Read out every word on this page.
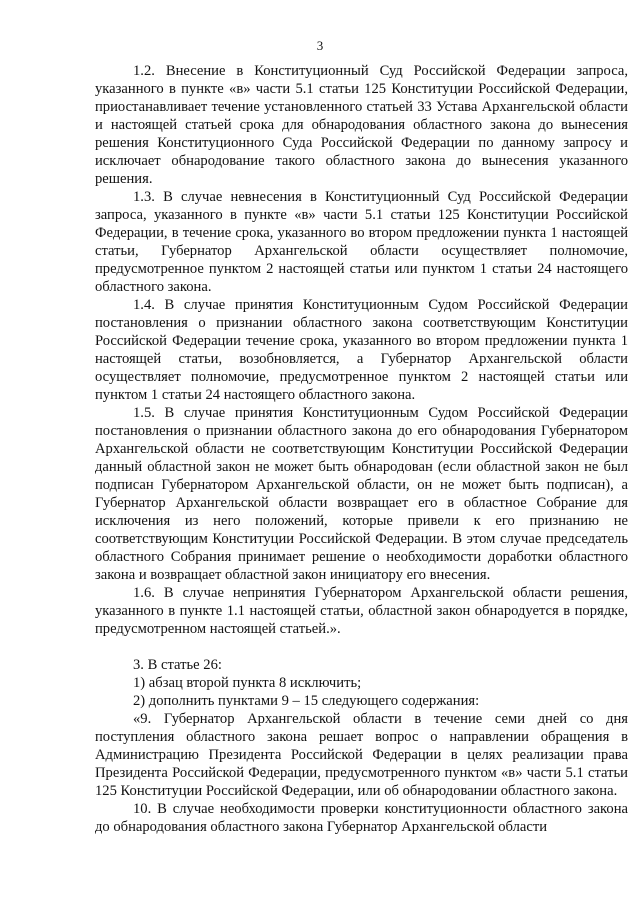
3

1.2. Внесение в Конституционный Суд Российской Федерации запроса, указанного в пункте «в» части 5.1 статьи 125 Конституции Российской Федерации, приостанавливает течение установленного статьей 33 Устава Архангельской области и настоящей статьей срока для обнародования областного закона до вынесения решения Конституционного Суда Российской Федерации по данному запросу и исключает обнародование такого областного закона до вынесения указанного решения.

1.3. В случае невнесения в Конституционный Суд Российской Федерации запроса, указанного в пункте «в» части 5.1 статьи 125 Конституции Российской Федерации, в течение срока, указанного во втором предложении пункта 1 настоящей статьи, Губернатор Архангельской области осуществляет полномочие, предусмотренное пунктом 2 настоящей статьи или пунктом 1 статьи 24 настоящего областного закона.

1.4. В случае принятия Конституционным Судом Российской Федерации постановления о признании областного закона соответствующим Конституции Российской Федерации течение срока, указанного во втором предложении пункта 1 настоящей статьи, возобновляется, а Губернатор Архангельской области осуществляет полномочие, предусмотренное пунктом 2 настоящей статьи или пунктом 1 статьи 24 настоящего областного закона.

1.5. В случае принятия Конституционным Судом Российской Федерации постановления о признании областного закона до его обнародования Губернатором Архангельской области не соответствующим Конституции Российской Федерации данный областной закон не может быть обнародован (если областной закон не был подписан Губернатором Архангельской области, он не может быть подписан), а Губернатор Архангельской области возвращает его в областное Собрание для исключения из него положений, которые привели к его признанию не соответствующим Конституции Российской Федерации. В этом случае председатель областного Собрания принимает решение о необходимости доработки областного закона и возвращает областной закон инициатору его внесения.

1.6. В случае непринятия Губернатором Архангельской области решения, указанного в пункте 1.1 настоящей статьи, областной закон обнародуется в порядке, предусмотренном настоящей статьей.».

3. В статье 26:

1) абзац второй пункта 8 исключить;

2) дополнить пунктами 9 – 15 следующего содержания:

«9. Губернатор Архангельской области в течение семи дней со дня поступления областного закона решает вопрос о направлении обращения в Администрацию Президента Российской Федерации в целях реализации права Президента Российской Федерации, предусмотренного пунктом «в» части 5.1 статьи 125 Конституции Российской Федерации, или об обнародовании областного закона.

10. В случае необходимости проверки конституционности областного закона до обнародования областного закона Губернатор Архангельской области
